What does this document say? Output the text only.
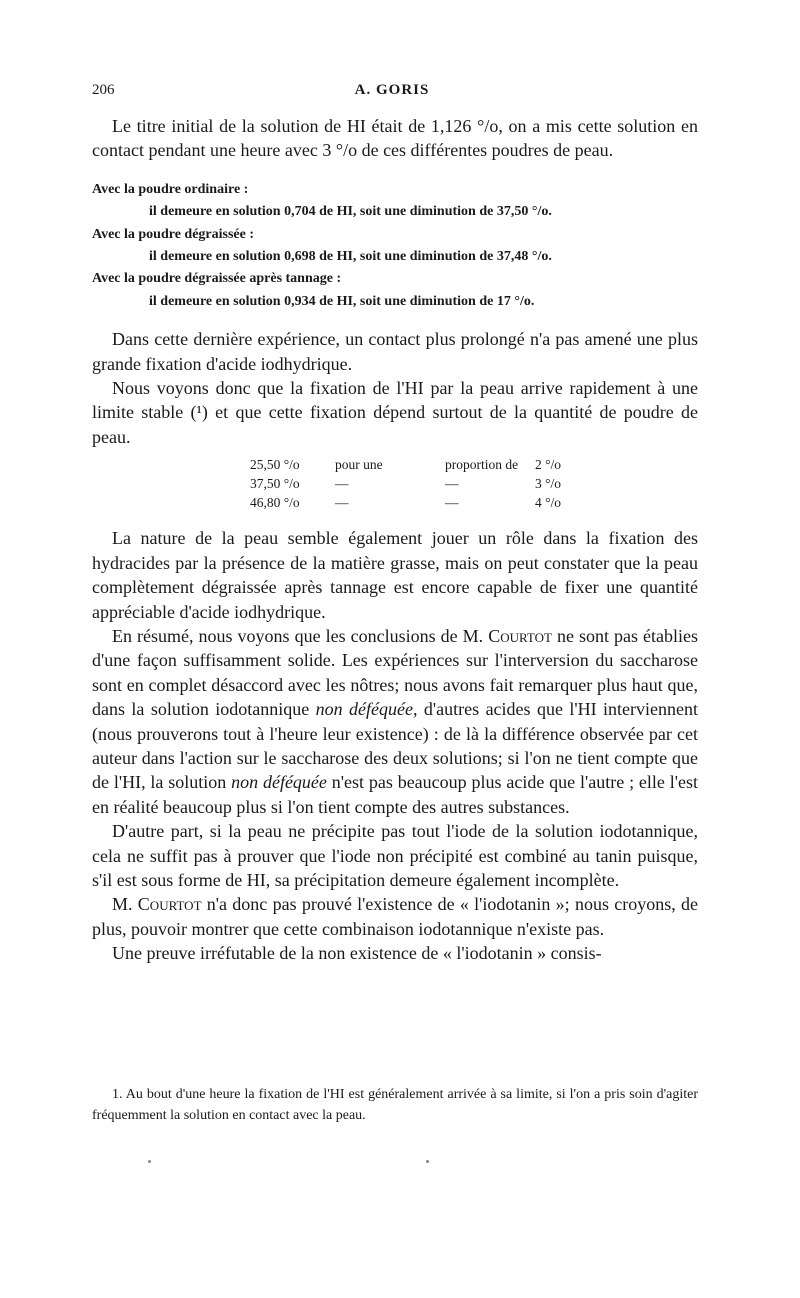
206	A. GORIS

Le titre initial de la solution de HI était de 1,126 °/o, on a mis cette solution en contact pendant une heure avec 3 °/o de ces différentes poudres de peau.

Avec la poudre ordinaire :
il demeure en solution 0,704 de HI, soit une diminution de 37,50 °/o.
Avec la poudre dégraissée :
il demeure en solution 0,698 de HI, soit une diminution de 37,48 °/o.
Avec la poudre dégraissée après tannage :
il demeure en solution 0,934 de HI, soit une diminution de 17 °/o.

Dans cette dernière expérience, un contact plus prolongé n'a pas amené une plus grande fixation d'acide iodhydrique.

Nous voyons donc que la fixation de l'HI par la peau arrive rapidement à une limite stable (¹) et que cette fixation dépend surtout de la quantité de poudre de peau.

25,50 °/o	pour une	proportion de	2 °/o
37,50 °/o	—	—	3 °/o
46,80 °/o	—	—	4 °/o

La nature de la peau semble également jouer un rôle dans la fixation des hydracides par la présence de la matière grasse, mais on peut constater que la peau complètement dégraissée après tannage est encore capable de fixer une quantité appréciable d'acide iodhydrique.

En résumé, nous voyons que les conclusions de M. Courtot ne sont pas établies d'une façon suffisamment solide. Les expériences sur l'interversion du saccharose sont en complet désaccord avec les nôtres; nous avons fait remarquer plus haut que, dans la solution iodotannique non déféquée, d'autres acides que l'HI interviennent (nous prouverons tout à l'heure leur existence) : de là la différence observée par cet auteur dans l'action sur le saccharose des deux solutions; si l'on ne tient compte que de l'HI, la solution non déféquée n'est pas beaucoup plus acide que l'autre ; elle l'est en réalité beaucoup plus si l'on tient compte des autres substances.

D'autre part, si la peau ne précipite pas tout l'iode de la solution iodotannique, cela ne suffit pas à prouver que l'iode non précipité est combiné au tanin puisque, s'il est sous forme de HI, sa précipitation demeure également incomplète.

M. Courtot n'a donc pas prouvé l'existence de « l'iodotanin »; nous croyons, de plus, pouvoir montrer que cette combinaison iodotannique n'existe pas.

Une preuve irréfutable de la non existence de « l'iodotanin » consis-

1. Au bout d'une heure la fixation de l'HI est généralement arrivée à sa limite, si l'on a pris soin d'agiter fréquemment la solution en contact avec la peau.
